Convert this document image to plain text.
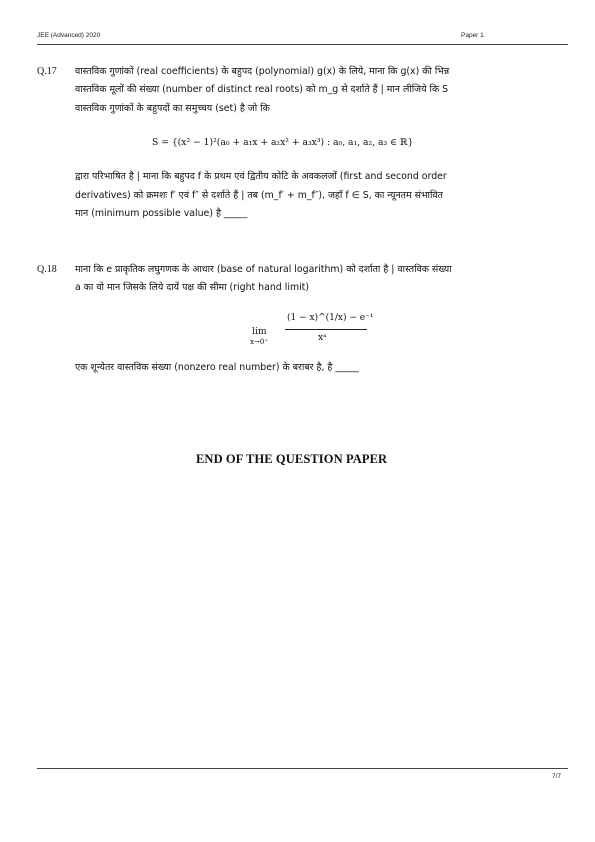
JEE (Advanced) 2020	Paper 1
Q.17 वास्तविक गुणांकों (real coefficients) के बहुपद (polynomial) g(x) के लिये, माना कि g(x) की भिन्न
वास्तविक मूलों की संख्या (number of distinct real roots) को m_g से दर्शाते हैं | मान लीजिये कि S
वास्तविक गुणांकों के बहुपदों का समुच्चय (set) है जो कि
S = {(x² − 1)²(a₀ + a₁x + a₂x² + a₃x³) : a₀, a₁, a₂, a₃ ∈ ℝ}
द्वारा परिभाषित है | माना कि बहुपद f के प्रथम एवं द्वितीय कोटि के अवकलजों (first and second order
derivatives) को क्रमशः f′ एवं f″ से दर्शाते हैं | तब (m_f′ + m_f″), जहाँ f ∈ S, का न्यूनतम संभावित
मान (minimum possible value) है _____
Q.18 माना कि e प्राकृतिक लघुगणक के आधार (base of natural logarithm) को दर्शाता है | वास्तविक संख्या
a का वो मान जिसके लिये दायें पक्ष की सीमा (right hand limit)
lim
x→0⁺
(1 − x)^(1/x) − e⁻¹
xᵃ
एक शून्येतर वास्तविक संख्या (nonzero real number) के बराबर है, है _____
END OF THE QUESTION PAPER
7/7
